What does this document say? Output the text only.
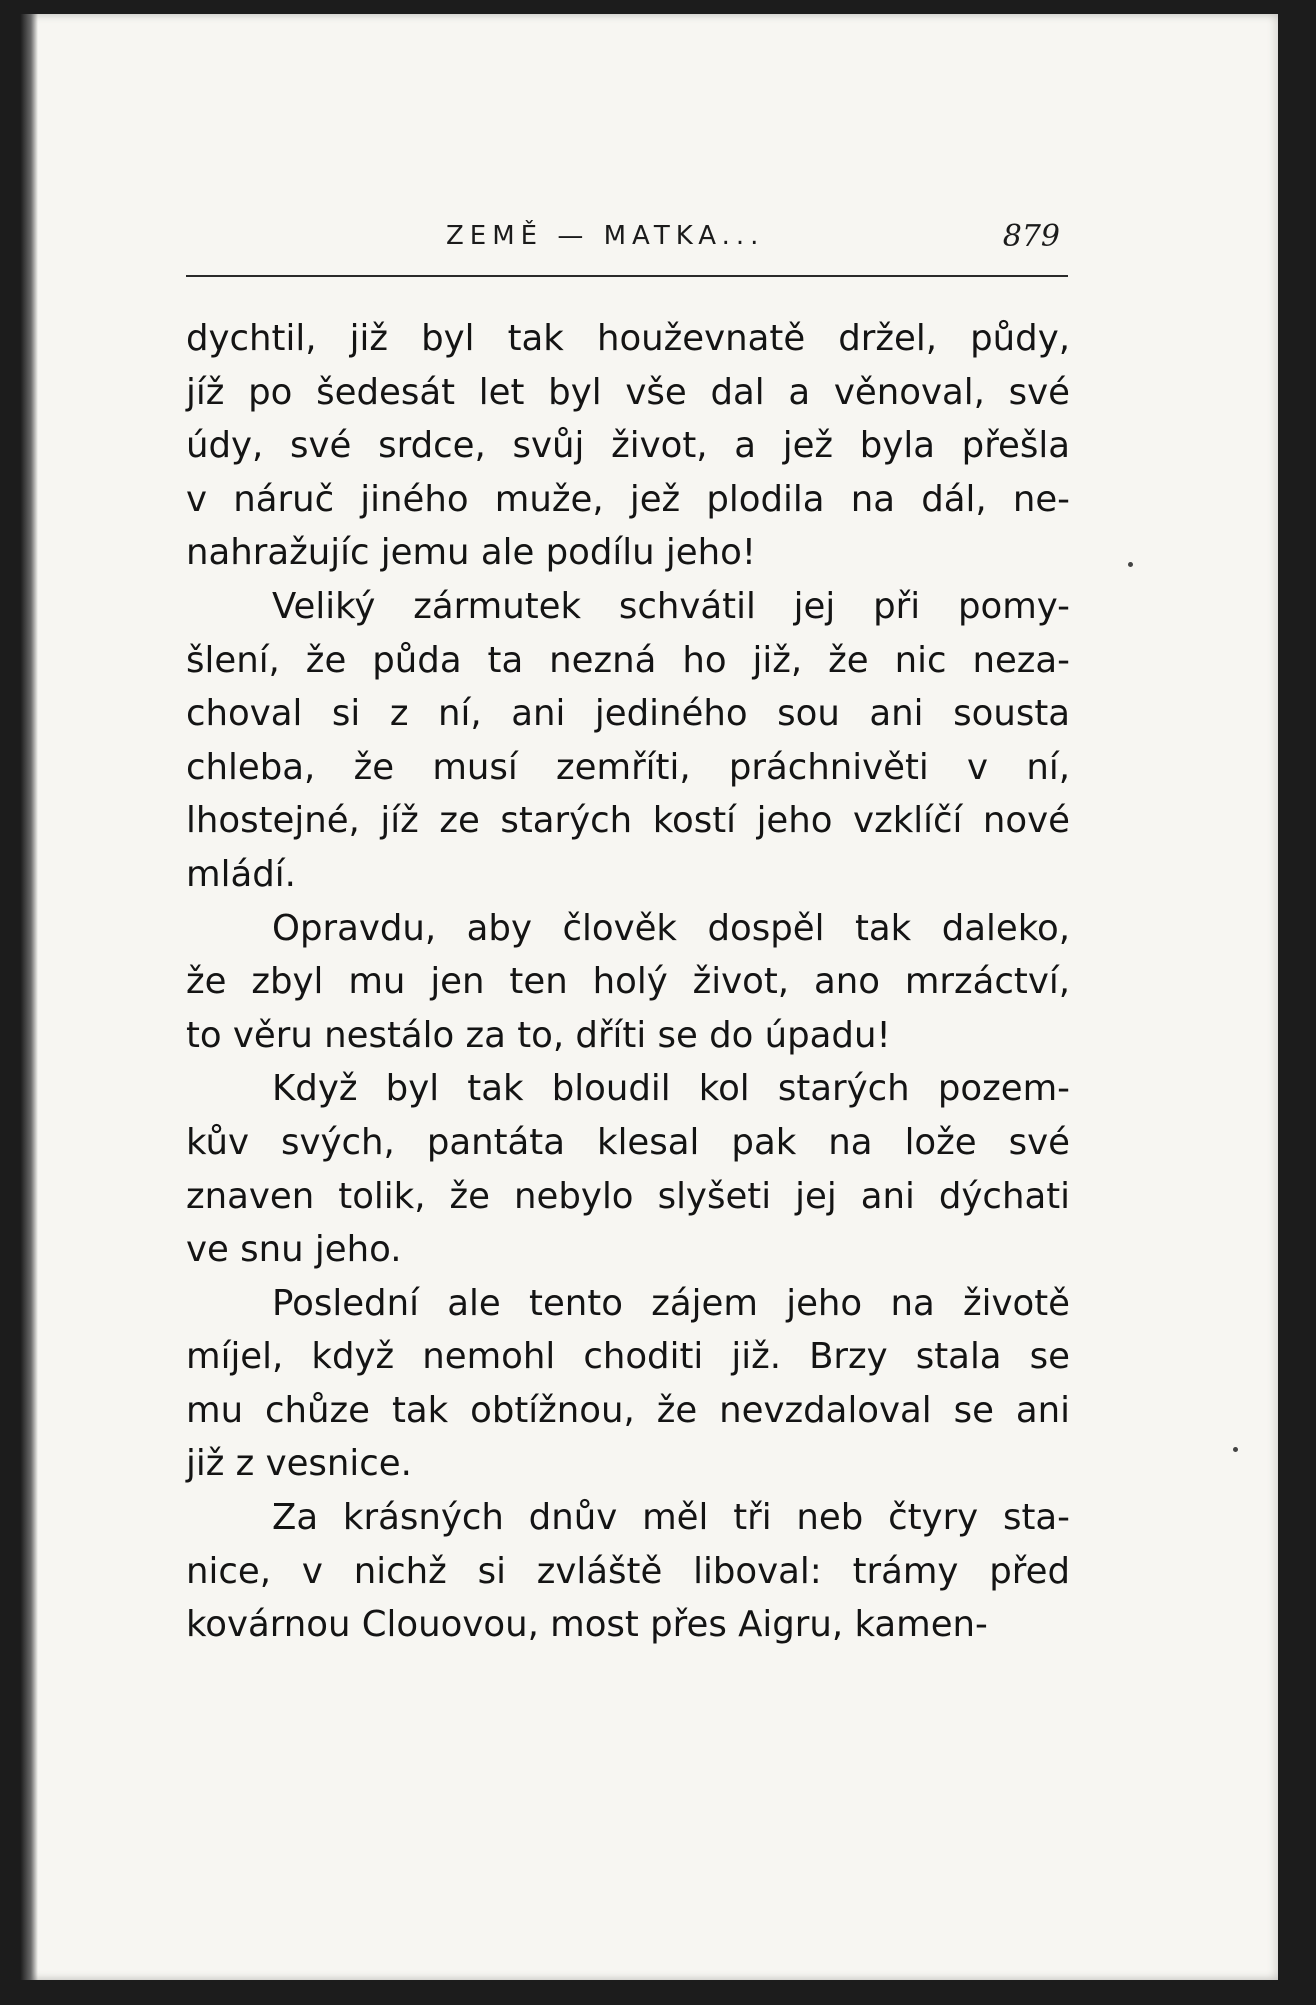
ZEMĚ — MATKA...	879
dychtil, již byl tak houževnatě držel, půdy,
jíž po šedesát let byl vše dal a věnoval, své
údy, své srdce, svůj život, a jež byla přešla
v náruč jiného muže, jež plodila na dál, ne-
nahražujíc jemu ale podílu jeho!
Veliký zármutek schvátil jej při pomy-
šlení, že půda ta nezná ho již, že nic neza-
choval si z ní, ani jediného sou ani sousta
chleba, že musí zemříti, práchnivěti v ní,
lhostejné, jíž ze starých kostí jeho vzklíčí nové
mládí.
Opravdu, aby člověk dospěl tak daleko,
že zbyl mu jen ten holý život, ano mrzáctví,
to věru nestálo za to, dříti se do úpadu!
Když byl tak bloudil kol starých pozem-
kův svých, pantáta klesal pak na lože své
znaven tolik, že nebylo slyšeti jej ani dýchati
ve snu jeho.
Poslední ale tento zájem jeho na životě
míjel, když nemohl choditi již. Brzy stala se
mu chůze tak obtížnou, že nevzdaloval se ani
již z vesnice.
Za krásných dnův měl tři neb čtyry sta-
nice, v nichž si zvláště liboval: trámy před
kovárnou Clouovou, most přes Aigru, kamen-
